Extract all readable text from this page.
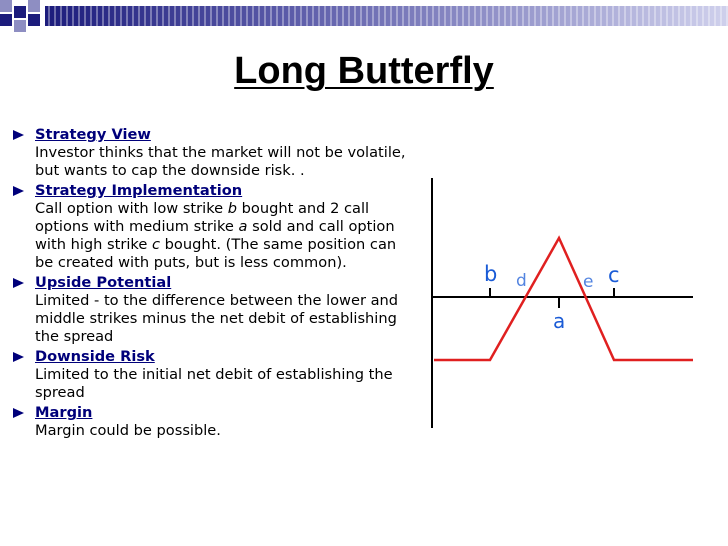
Long Butterfly
Strategy View
Investor thinks that the market will not be volatile, but wants to cap the downside risk. .
Strategy Implementation
Call option with low strike b bought and 2 call options with medium strike a sold and call option with high strike c bought. (The same position can be created with puts, but is less common).
Upside Potential
Limited - to the difference between the lower and middle strikes minus the net debit of establishing the spread
Downside Risk
Limited to the initial net debit of establishing the spread
Margin
Margin could be possible.
b d
a
e c
